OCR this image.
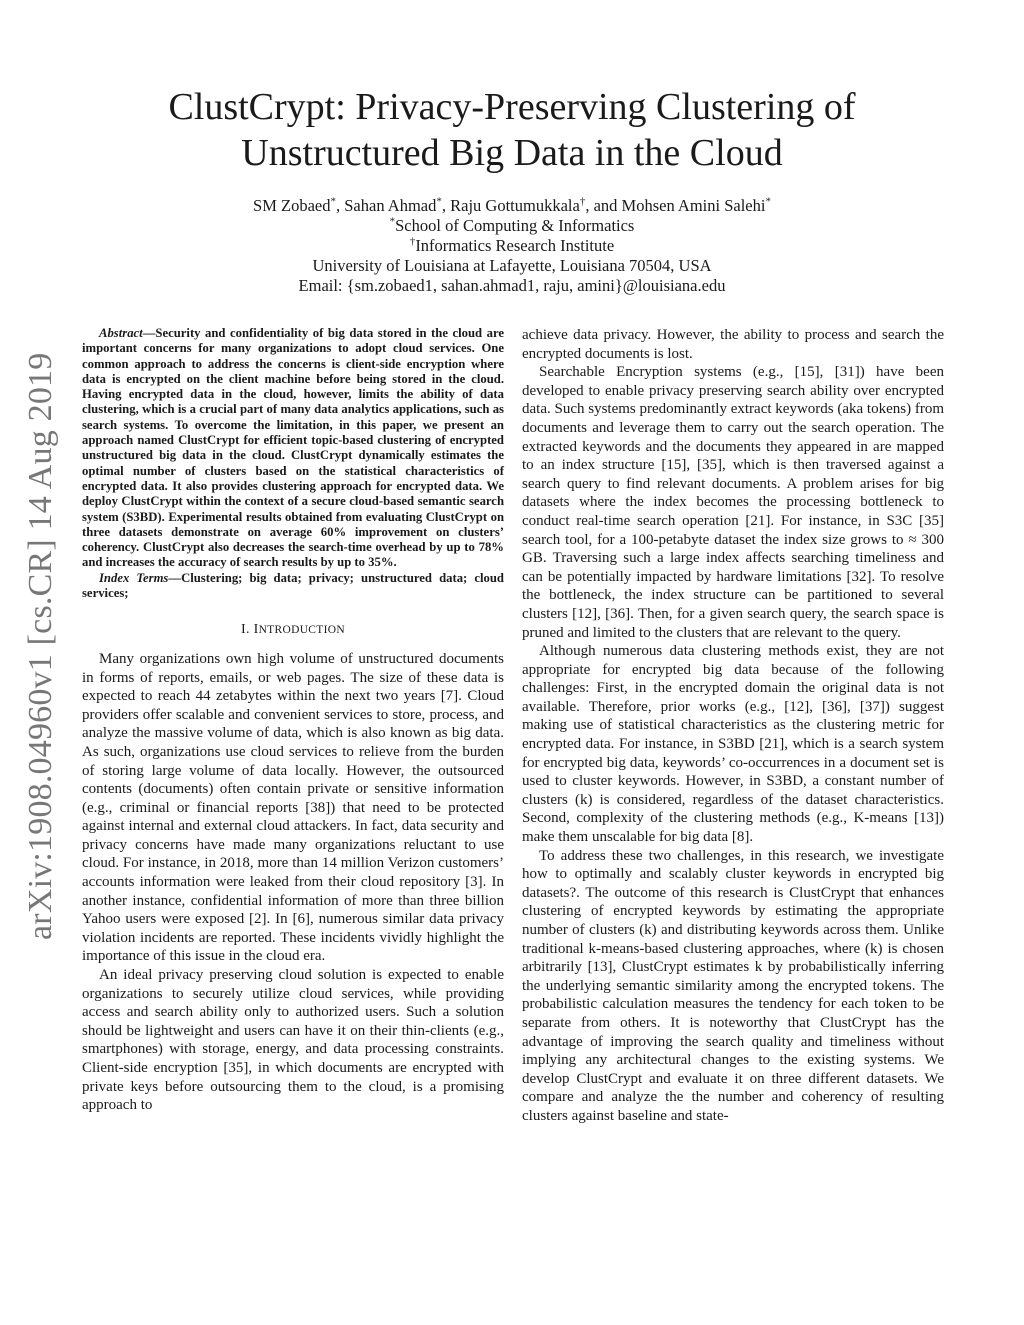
arXiv:1908.04960v1 [cs.CR] 14 Aug 2019
ClustCrypt: Privacy-Preserving Clustering of
Unstructured Big Data in the Cloud
SM Zobaed*, Sahan Ahmad*, Raju Gottumukkala†, and Mohsen Amini Salehi*
*School of Computing & Informatics
†Informatics Research Institute
University of Louisiana at Lafayette, Louisiana 70504, USA
Email: {sm.zobaed1, sahan.ahmad1, raju, amini}@louisiana.edu

Abstract—Security and confidentiality of big data stored in the cloud are important concerns for many organizations to adopt cloud services. One common approach to address the concerns is client-side encryption where data is encrypted on the client machine before being stored in the cloud. Having encrypted data in the cloud, however, limits the ability of data clustering, which is a crucial part of many data analytics applications, such as search systems. To overcome the limitation, in this paper, we present an approach named ClustCrypt for efficient topic-based clustering of encrypted unstructured big data in the cloud. ClustCrypt dynamically estimates the optimal number of clusters based on the statistical characteristics of encrypted data. It also provides clustering approach for encrypted data. We deploy ClustCrypt within the context of a secure cloud-based semantic search system (S3BD). Experimental results obtained from evaluating ClustCrypt on three datasets demonstrate on average 60% improvement on clusters’ coherency. ClustCrypt also decreases the search-time overhead by up to 78% and increases the accuracy of search results by up to 35%.

Index Terms—Clustering; big data; privacy; unstructured data; cloud services;

I. INTRODUCTION

Many organizations own high volume of unstructured documents in forms of reports, emails, or web pages. The size of these data is expected to reach 44 zetabytes within the next two years [7]. Cloud providers offer scalable and convenient services to store, process, and analyze the massive volume of data, which is also known as big data. As such, organizations use cloud services to relieve from the burden of storing large volume of data locally. However, the outsourced contents (documents) often contain private or sensitive information (e.g., criminal or financial reports [38]) that need to be protected against internal and external cloud attackers. In fact, data security and privacy concerns have made many organizations reluctant to use cloud. For instance, in 2018, more than 14 million Verizon customers’ accounts information were leaked from their cloud repository [3]. In another instance, confidential information of more than three billion Yahoo users were exposed [2]. In [6], numerous similar data privacy violation incidents are reported. These incidents vividly highlight the importance of this issue in the cloud era.

An ideal privacy preserving cloud solution is expected to enable organizations to securely utilize cloud services, while providing access and search ability only to authorized users. Such a solution should be lightweight and users can have it on their thin-clients (e.g., smartphones) with storage, energy, and data processing constraints. Client-side encryption [35], in which documents are encrypted with private keys before outsourcing them to the cloud, is a promising approach to

achieve data privacy. However, the ability to process and search the encrypted documents is lost.

Searchable Encryption systems (e.g., [15], [31]) have been developed to enable privacy preserving search ability over encrypted data. Such systems predominantly extract keywords (aka tokens) from documents and leverage them to carry out the search operation. The extracted keywords and the documents they appeared in are mapped to an index structure [15], [35], which is then traversed against a search query to find relevant documents. A problem arises for big datasets where the index becomes the processing bottleneck to conduct real-time search operation [21]. For instance, in S3C [35] search tool, for a 100-petabyte dataset the index size grows to ≈ 300 GB. Traversing such a large index affects searching timeliness and can be potentially impacted by hardware limitations [32]. To resolve the bottleneck, the index structure can be partitioned to several clusters [12], [36]. Then, for a given search query, the search space is pruned and limited to the clusters that are relevant to the query.

Although numerous data clustering methods exist, they are not appropriate for encrypted big data because of the following challenges: First, in the encrypted domain the original data is not available. Therefore, prior works (e.g., [12], [36], [37]) suggest making use of statistical characteristics as the clustering metric for encrypted data. For instance, in S3BD [21], which is a search system for encrypted big data, keywords’ co-occurrences in a document set is used to cluster keywords. However, in S3BD, a constant number of clusters (k) is considered, regardless of the dataset characteristics. Second, complexity of the clustering methods (e.g., K-means [13]) make them unscalable for big data [8].

To address these two challenges, in this research, we investigate how to optimally and scalably cluster keywords in encrypted big datasets?. The outcome of this research is ClustCrypt that enhances clustering of encrypted keywords by estimating the appropriate number of clusters (k) and distributing keywords across them. Unlike traditional k-means-based clustering approaches, where (k) is chosen arbitrarily [13], ClustCrypt estimates k by probabilistically inferring the underlying semantic similarity among the encrypted tokens. The probabilistic calculation measures the tendency for each token to be separate from others. It is noteworthy that ClustCrypt has the advantage of improving the search quality and timeliness without implying any architectural changes to the existing systems. We develop ClustCrypt and evaluate it on three different datasets. We compare and analyze the the number and coherency of resulting clusters against baseline and state-
